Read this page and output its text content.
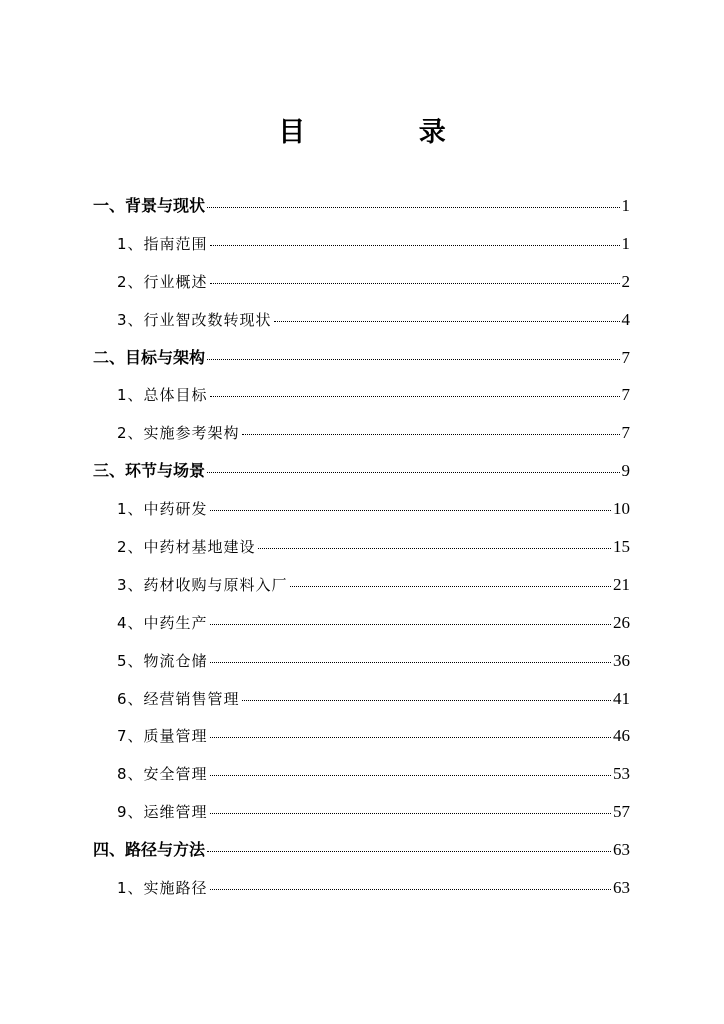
目 录
一、背景与现状	1
1、指南范围	1
2、行业概述	2
3、行业智改数转现状	4
二、目标与架构	7
1、总体目标	7
2、实施参考架构	7
三、环节与场景	9
1、中药研发	10
2、中药材基地建设	15
3、药材收购与原料入厂	21
4、中药生产	26
5、物流仓储	36
6、经营销售管理	41
7、质量管理	46
8、安全管理	53
9、运维管理	57
四、路径与方法	63
1、实施路径	63
